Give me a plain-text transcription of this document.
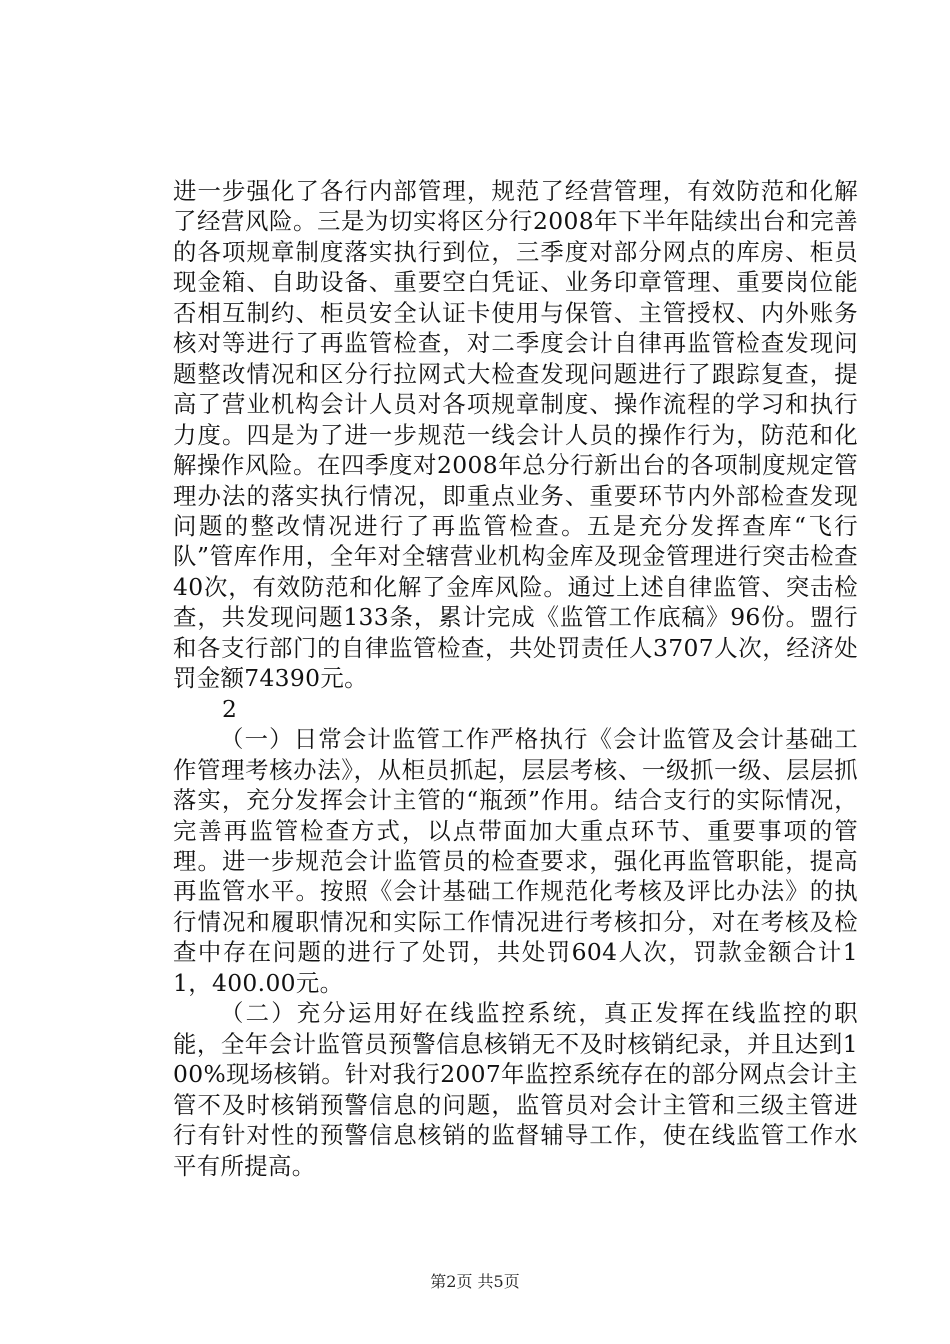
进一步强化了各行内部管理，规范了经营管理，有效防范和化解了经营风险。三是为切实将区分行2008年下半年陆续出台和完善的各项规章制度落实执行到位，三季度对部分网点的库房、柜员现金箱、自助设备、重要空白凭证、业务印章管理、重要岗位能否相互制约、柜员安全认证卡使用与保管、主管授权、内外账务核对等进行了再监管检查，对二季度会计自律再监管检查发现问题整改情况和区分行拉网式大检查发现问题进行了跟踪复查，提高了营业机构会计人员对各项规章制度、操作流程的学习和执行力度。四是为了进一步规范一线会计人员的操作行为，防范和化解操作风险。在四季度对2008年总分行新出台的各项制度规定管理办法的落实执行情况，即重点业务、重要环节内外部检查发现问题的整改情况进行了再监管检查。五是充分发挥查库“飞行队”管库作用，全年对全辖营业机构金库及现金管理进行突击检查40次，有效防范和化解了金库风险。通过上述自律监管、突击检查，共发现问题133条，累计完成《监管工作底稿》96份。盟行和各支行部门的自律监管检查，共处罚责任人3707人次，经济处罚金额74390元。

2

（一）日常会计监管工作严格执行《会计监管及会计基础工作管理考核办法》，从柜员抓起，层层考核、一级抓一级、层层抓落实，充分发挥会计主管的“瓶颈”作用。结合支行的实际情况，完善再监管检查方式，以点带面加大重点环节、重要事项的管理。进一步规范会计监管员的检查要求，强化再监管职能，提高再监管水平。按照《会计基础工作规范化考核及评比办法》的执行情况和履职情况和实际工作情况进行考核扣分，对在考核及检查中存在问题的进行了处罚，共处罚604人次，罚款金额合计11，400.00元。

（二）充分运用好在线监控系统，真正发挥在线监控的职能，全年会计监管员预警信息核销无不及时核销纪录，并且达到100%现场核销。针对我行2007年监控系统存在的部分网点会计主管不及时核销预警信息的问题，监管员对会计主管和三级主管进行有针对性的预警信息核销的监督辅导工作，使在线监管工作水平有所提高。

第2页 共5页
